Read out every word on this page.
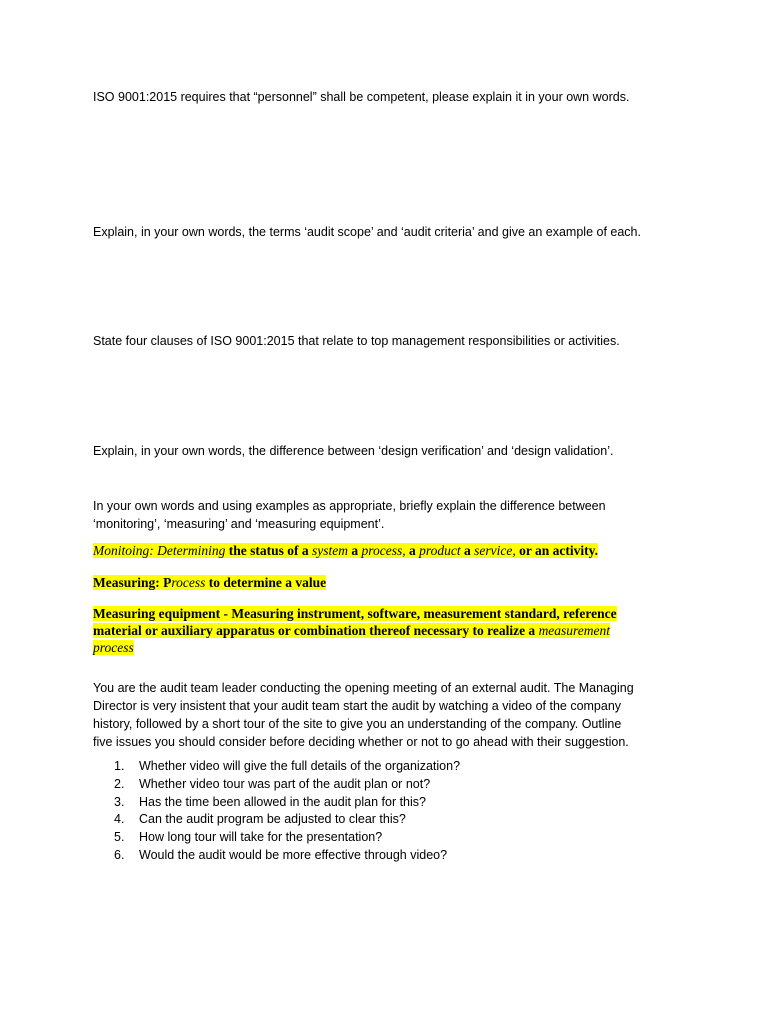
ISO 9001:2015 requires that “personnel” shall be competent, please explain it in your own words.

Explain, in your own words, the terms ‘audit scope’ and ‘audit criteria’ and give an example of each.

State four clauses of ISO 9001:2015 that relate to top management responsibilities or activities.

Explain, in your own words, the difference between ‘design verification’ and ‘design validation’.

In your own words and using examples as appropriate, briefly explain the difference between
‘monitoring’, ‘measuring’ and ‘measuring equipment’.

Monitoing: Determining the status of a system a process, a product a service, or an activity.

Measuring: Process to determine a value

Measuring equipment - Measuring instrument, software, measurement standard, reference
material or auxiliary apparatus or combination thereof necessary to realize a measurement
process
You are the audit team leader conducting the opening meeting of an external audit. The Managing
Director is very insistent that your audit team start the audit by watching a video of the company
history, followed by a short tour of the site to give you an understanding of the company. Outline
five issues you should consider before deciding whether or not to go ahead with their suggestion.
1.	Whether video will give the full details of the organization?
2.	Whether video tour was part of the audit plan or not?
3.	Has the time been allowed in the audit plan for this?
4.	Can the audit program be adjusted to clear this?
5.	How long tour will take for the presentation?
6.	Would the audit would be more effective through video?
